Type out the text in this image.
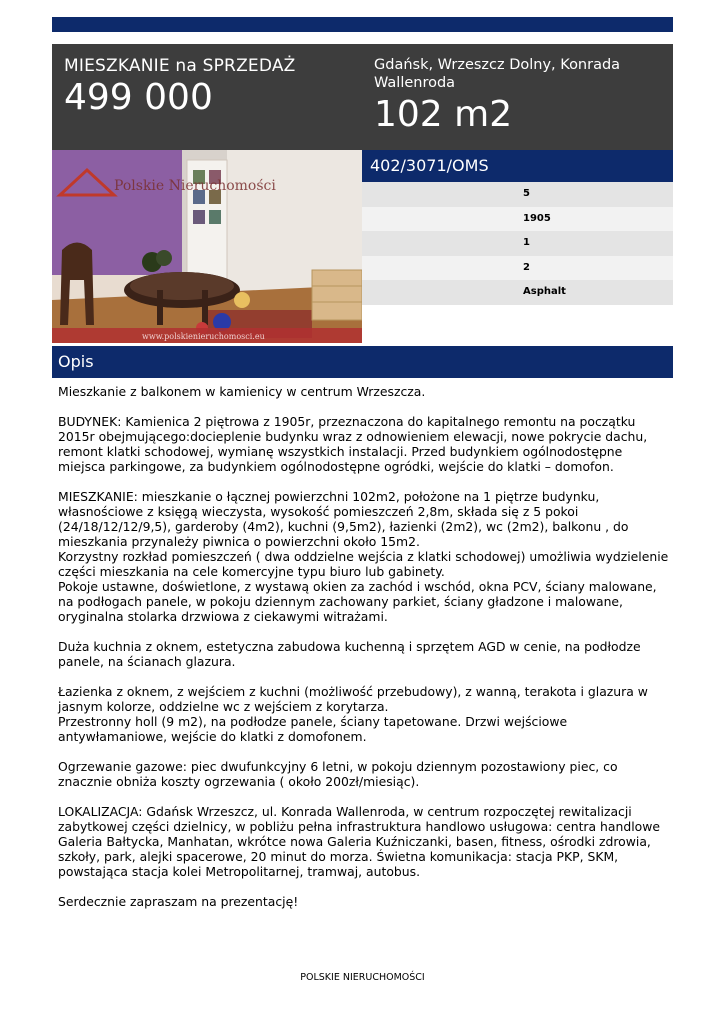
MIESZKANIE na SPRZEDAŻ
499 000
Gdańsk, Wrzeszcz Dolny, Konrada Wallenroda
102 m2
Polskie Nieruchomości
www.polskienieruchomosci.eu
402/3071/OMS
5
1905
1
2
Asphalt
Opis

Mieszkanie z balkonem w kamienicy w centrum Wrzeszcza.

BUDYNEK: Kamienica 2 piętrowa z 1905r, przeznaczona do kapitalnego remontu na początku 2015r obejmującego:docieplenie budynku wraz z odnowieniem elewacji, nowe pokrycie dachu, remont klatki schodowej, wymianę wszystkich instalacji. Przed budynkiem ogólnodostępne miejsca parkingowe, za budynkiem ogólnodostępne ogródki, wejście do klatki – domofon.

MIESZKANIE: mieszkanie o łącznej powierzchni 102m2, położone na 1 piętrze budynku, własnościowe z księgą wieczysta, wysokość pomieszczeń 2,8m, składa się z 5 pokoi (24/18/12/12/9,5), garderoby (4m2), kuchni (9,5m2), łazienki (2m2), wc (2m2), balkonu , do mieszkania przynależy piwnica o powierzchni około 15m2.
Korzystny rozkład pomieszczeń ( dwa oddzielne wejścia z klatki schodowej) umożliwia wydzielenie części mieszkania na cele komercyjne typu biuro lub gabinety.
Pokoje ustawne, doświetlone, z wystawą okien za zachód i wschód, okna PCV, ściany malowane, na podłogach panele, w pokoju dziennym zachowany parkiet, ściany gładzone i malowane, oryginalna stolarka drzwiowa z ciekawymi witrażami.

Duża kuchnia z oknem, estetyczna zabudowa kuchenną i sprzętem AGD w cenie, na podłodze panele, na ścianach glazura.

Łazienka z oknem, z wejściem z kuchni (możliwość przebudowy), z wanną, terakota i glazura w jasnym kolorze, oddzielne wc z wejściem z korytarza.
Przestronny holl (9 m2), na podłodze panele, ściany tapetowane. Drzwi wejściowe antywłamaniowe, wejście do klatki z domofonem.

Ogrzewanie gazowe: piec dwufunkcyjny 6 letni, w pokoju dziennym pozostawiony piec, co znacznie obniża koszty ogrzewania ( około 200zł/miesiąc).

LOKALIZACJA: Gdańsk Wrzeszcz, ul. Konrada Wallenroda, w centrum rozpoczętej rewitalizacji zabytkowej części dzielnicy, w pobliżu pełna infrastruktura handlowo usługowa: centra handlowe Galeria Bałtycka, Manhatan, wkrótce nowa Galeria Kuźniczanki, basen, fitness, ośrodki zdrowia, szkoły, park, alejki spacerowe, 20 minut do morza. Świetna komunikacja: stacja PKP, SKM, powstająca stacja kolei Metropolitarnej, tramwaj, autobus.

Serdecznie zapraszam na prezentację!

POLSKIE NIERUCHOMOŚCI
